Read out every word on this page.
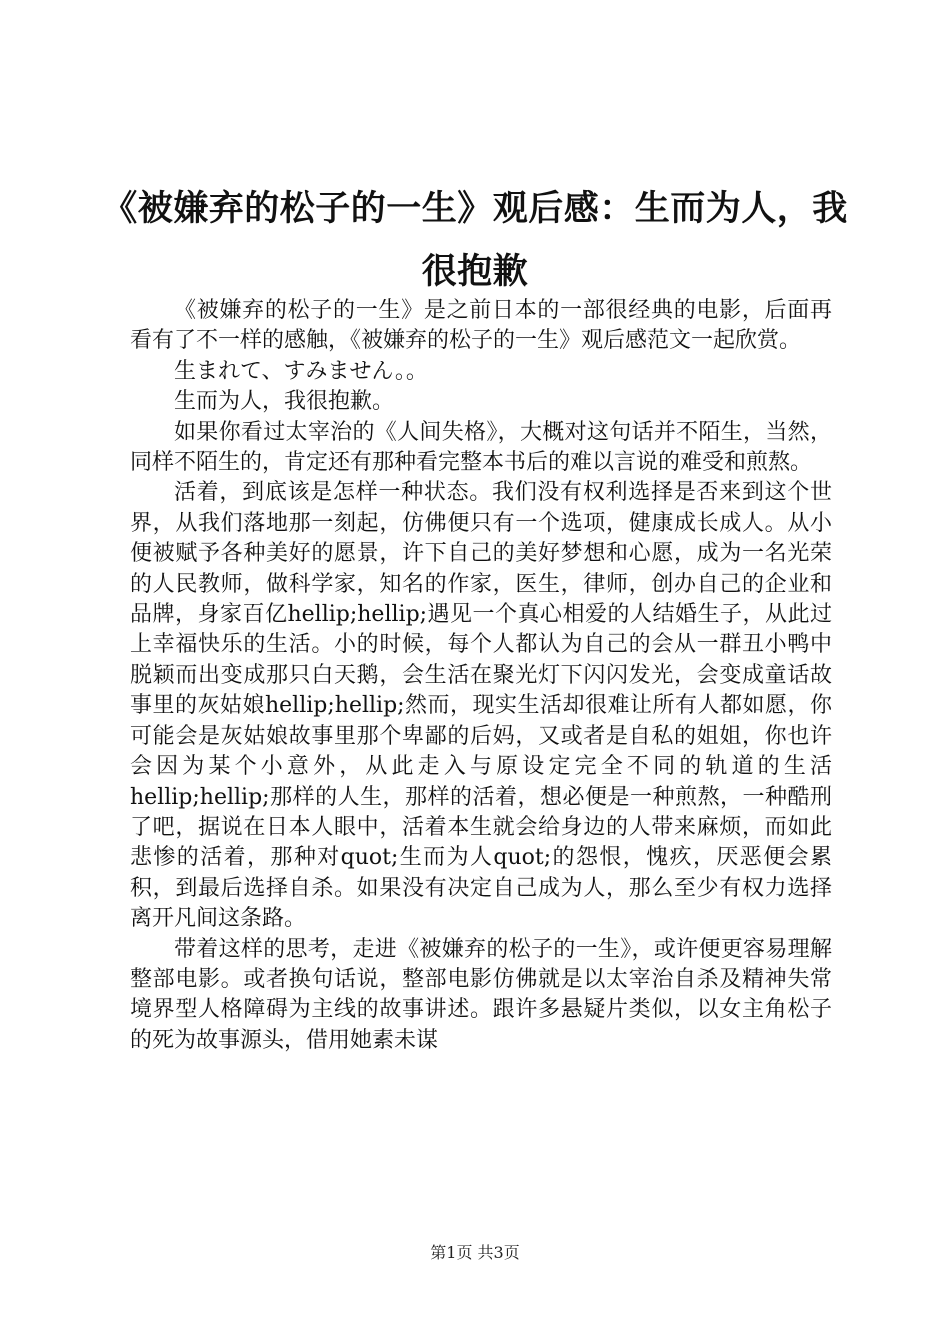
《被嫌弃的松子的一生》观后感：生而为人，我很抱歉

《被嫌弃的松子的一生》是之前日本的一部很经典的电影，后面再看有了不一样的感触，《被嫌弃的松子的一生》观后感范文一起欣赏。

生まれて、すみません。。

生而为人，我很抱歉。

如果你看过太宰治的《人间失格》，大概对这句话并不陌生，当然，同样不陌生的，肯定还有那种看完整本书后的难以言说的难受和煎熬。

活着，到底该是怎样一种状态。我们没有权利选择是否来到这个世界，从我们落地那一刻起，仿佛便只有一个选项，健康成长成人。从小便被赋予各种美好的愿景，许下自己的美好梦想和心愿，成为一名光荣的人民教师，做科学家，知名的作家，医生，律师，创办自己的企业和品牌，身家百亿hellip;hellip;遇见一个真心相爱的人结婚生子，从此过上幸福快乐的生活。小的时候，每个人都认为自己的会从一群丑小鸭中脱颖而出变成那只白天鹅，会生活在聚光灯下闪闪发光，会变成童话故事里的灰姑娘hellip;hellip;然而，现实生活却很难让所有人都如愿，你可能会是灰姑娘故事里那个卑鄙的后妈，又或者是自私的姐姐，你也许会因为某个小意外，从此走入与原设定完全不同的轨道的生活hellip;hellip;那样的人生，那样的活着，想必便是一种煎熬，一种酷刑了吧，据说在日本人眼中，活着本生就会给身边的人带来麻烦，而如此悲惨的活着，那种对quot;生而为人quot;的怨恨，愧疚，厌恶便会累积，到最后选择自杀。如果没有决定自己成为人，那么至少有权力选择离开凡间这条路。

带着这样的思考，走进《被嫌弃的松子的一生》，或许便更容易理解整部电影。或者换句话说，整部电影仿佛就是以太宰治自杀及精神失常境界型人格障碍为主线的故事讲述。跟许多悬疑片类似，以女主角松子的死为故事源头，借用她素未谋

第1页 共3页
